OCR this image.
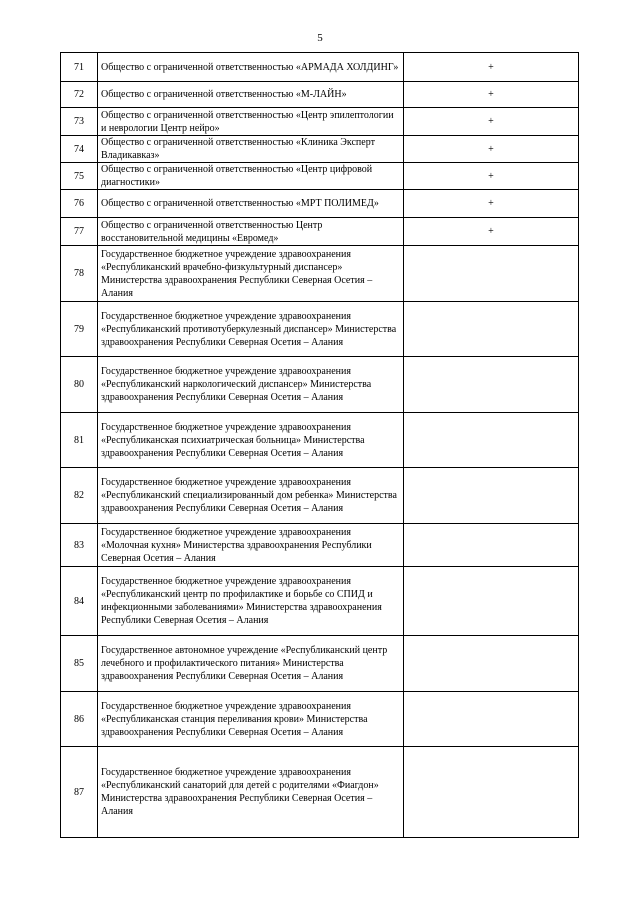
5
71	Общество с ограниченной ответственностью «АРМАДА ХОЛДИНГ»	+
72	Общество с ограниченной ответственностью «М-ЛАЙН»	+
73	Общество с ограниченной ответственностью «Центр эпилептологии и неврологии Центр нейро»	+
74	Общество с ограниченной ответственностью «Клиника Эксперт Владикавказ»	+
75	Общество с ограниченной ответственностью «Центр цифровой диагностики»	+
76	Общество с ограниченной ответственностью «МРТ ПОЛИМЕД»	+
77	Общество с ограниченной ответственностью Центр восстановительной медицины «Евромед»	+
78	Государственное бюджетное учреждение здравоохранения «Республиканский врачебно-физкультурный диспансер» Министерства здравоохранения Республики Северная Осетия – Алания	
79	Государственное бюджетное учреждение здравоохранения «Республиканский противотуберкулезный диспансер» Министерства здравоохранения Республики Северная Осетия – Алания	
80	Государственное бюджетное учреждение здравоохранения «Республиканский наркологический диспансер» Министерства здравоохранения Республики Северная Осетия – Алания	
81	Государственное бюджетное учреждение здравоохранения «Республиканская психиатрическая больница» Министерства здравоохранения Республики Северная Осетия – Алания	
82	Государственное бюджетное учреждение здравоохранения «Республиканский специализированный дом ребенка» Министерства здравоохранения Республики Северная Осетия – Алания	
83	Государственное бюджетное учреждение здравоохранения «Молочная кухня» Министерства здравоохранения Республики Северная Осетия – Алания	
84	Государственное бюджетное учреждение здравоохранения «Республиканский центр по профилактике и борьбе со СПИД и инфекционными заболеваниями» Министерства здравоохранения Республики Северная Осетия – Алания	
85	Государственное автономное учреждение «Республиканский центр лечебного и профилактического питания» Министерства здравоохранения Республики Северная Осетия – Алания	
86	Государственное бюджетное учреждение здравоохранения «Республиканская станция переливания крови» Министерства здравоохранения Республики Северная Осетия – Алания	
87	Государственное бюджетное учреждение здравоохранения «Республиканский санаторий для детей с родителями «Фиагдон» Министерства здравоохранения Республики Северная Осетия – Алания	
